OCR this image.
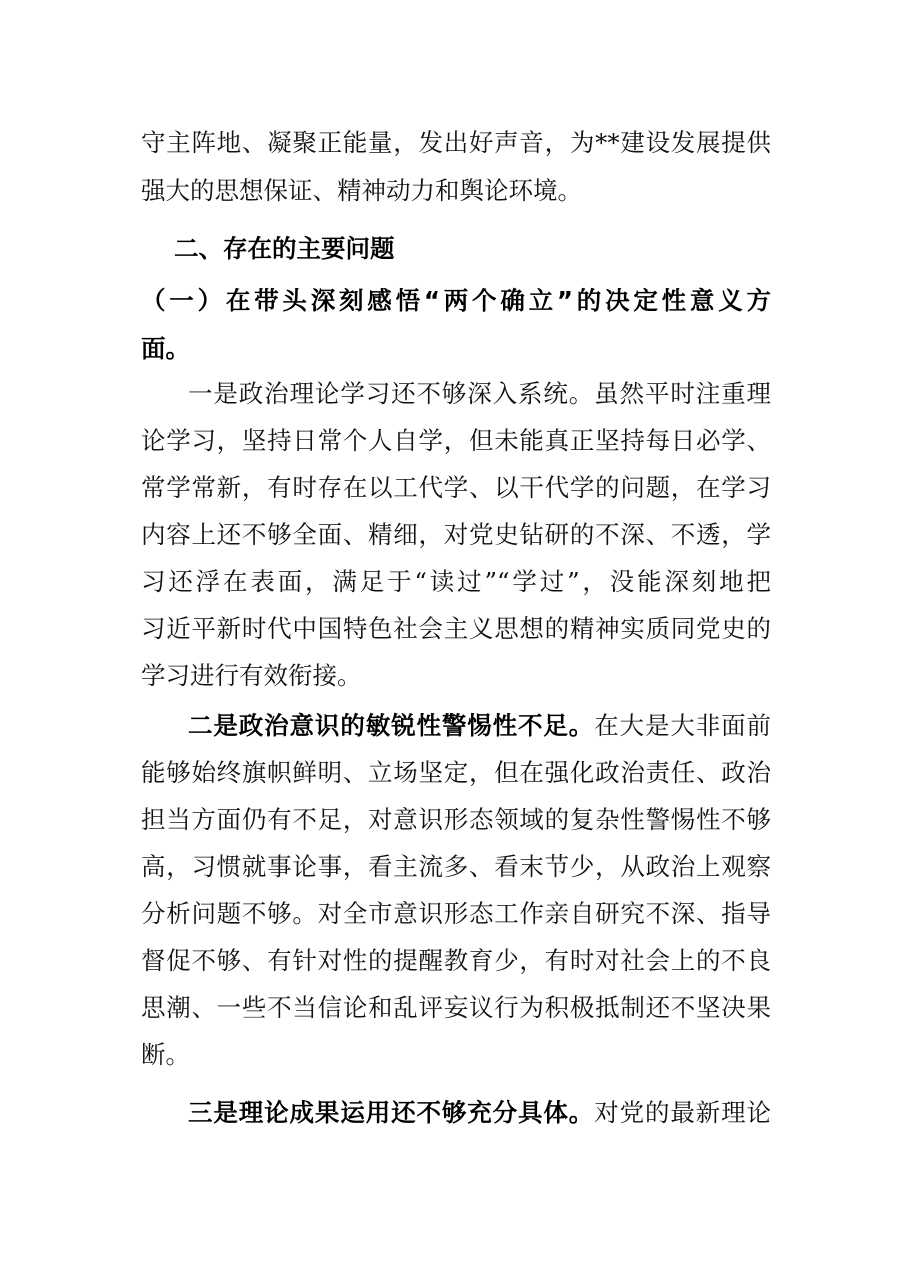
守主阵地、凝聚正能量，发出好声音，为**建设发展提供
强大的思想保证、精神动力和舆论环境。
二、存在的主要问题
（一）在带头深刻感悟“两个确立”的决定性意义方
面。
一是政治理论学习还不够深入系统。虽然平时注重理
论学习，坚持日常个人自学，但未能真正坚持每日必学、
常学常新，有时存在以工代学、以干代学的问题，在学习
内容上还不够全面、精细，对党史钻研的不深、不透，学
习还浮在表面，满足于“读过”“学过”，没能深刻地把
习近平新时代中国特色社会主义思想的精神实质同党史的
学习进行有效衔接。
二是政治意识的敏锐性警惕性不足。在大是大非面前
能够始终旗帜鲜明、立场坚定，但在强化政治责任、政治
担当方面仍有不足，对意识形态领域的复杂性警惕性不够
高，习惯就事论事，看主流多、看末节少，从政治上观察
分析问题不够。对全市意识形态工作亲自研究不深、指导
督促不够、有针对性的提醒教育少，有时对社会上的不良
思潮、一些不当信论和乱评妄议行为积极抵制还不坚决果
断。
三是理论成果运用还不够充分具体。对党的最新理论
